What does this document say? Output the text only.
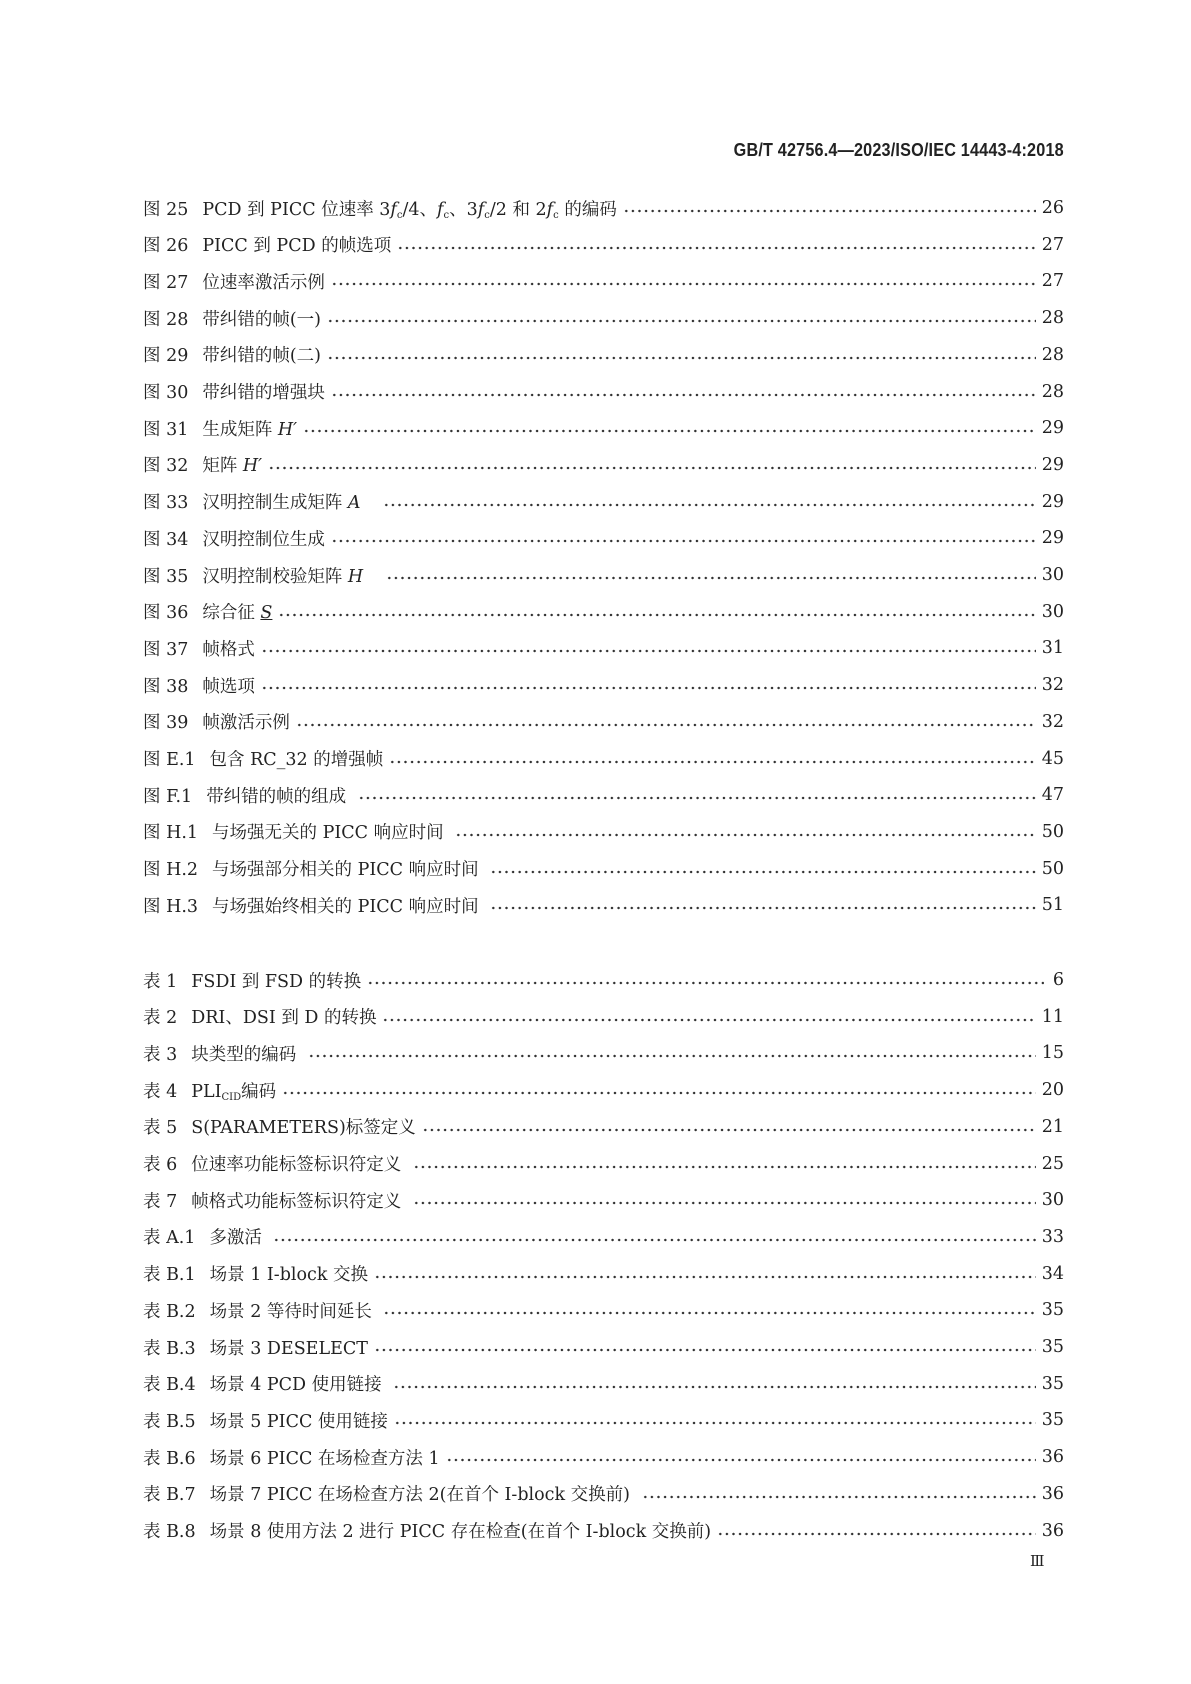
GB/T 42756.4—2023/ISO/IEC 14443-4:2018
图 25 PCD 到 PICC 位速率 $3f_c/4$、$f_c$、$3f_c/2$ 和 $2f_c$ 的编码	26
图 26 PICC 到 PCD 的帧选项	27
图 27 位速率激活示例	27
图 28 带纠错的帧(一)	28
图 29 带纠错的帧(二)	28
图 30 带纠错的增强块	28
图 31 生成矩阵 H′	29
图 32 矩阵 H′	29
图 33 汉明控制生成矩阵 A	29
图 34 汉明控制位生成	29
图 35 汉明控制校验矩阵 H	30
图 36 综合征 S	30
图 37 帧格式	31
图 38 帧选项	32
图 39 帧激活示例	32
图 E.1 包含 RC_32 的增强帧	45
图 F.1 带纠错的帧的组成	47
图 H.1 与场强无关的 PICC 响应时间	50
图 H.2 与场强部分相关的 PICC 响应时间	50
图 H.3 与场强始终相关的 PICC 响应时间	51
表 1 FSDI 到 FSD 的转换	6
表 2 DRI、DSI 到 D 的转换	11
表 3 块类型的编码	15
表 4 $PLI_{CID}$编码	20
表 5 S(PARAMETERS)标签定义	21
表 6 位速率功能标签标识符定义	25
表 7 帧格式功能标签标识符定义	30
表 A.1 多激活	33
表 B.1 场景 1 I-block 交换	34
表 B.2 场景 2 等待时间延长	35
表 B.3 场景 3 DESELECT	35
表 B.4 场景 4 PCD 使用链接	35
表 B.5 场景 5 PICC 使用链接	35
表 B.6 场景 6 PICC 在场检查方法 1	36
表 B.7 场景 7 PICC 在场检查方法 2(在首个 I-block 交换前)	36
表 B.8 场景 8 使用方法 2 进行 PICC 存在检查(在首个 I-block 交换前)	36
Ⅲ
